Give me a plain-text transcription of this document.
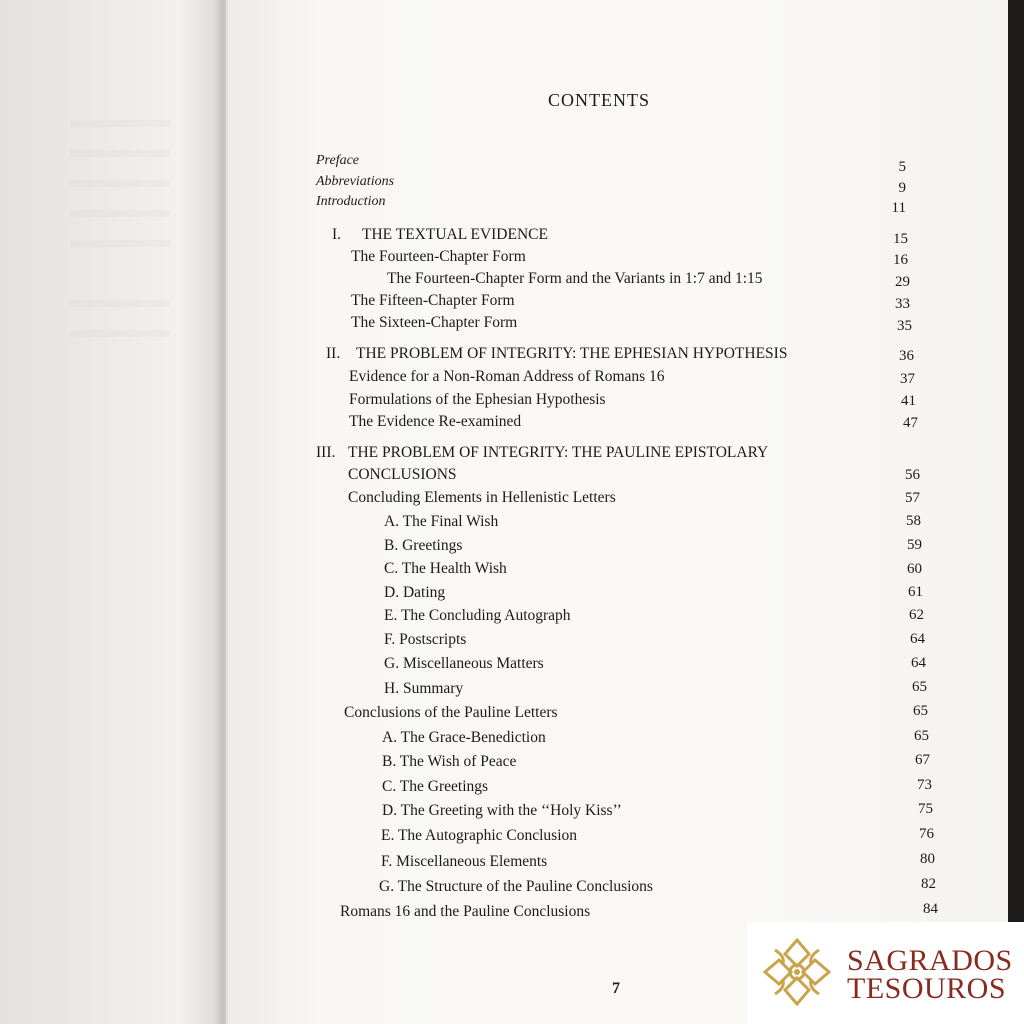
CONTENTS
Preface	5
Abbreviations	9
Introduction	11
I. THE TEXTUAL EVIDENCE	15
The Fourteen-Chapter Form	16
The Fourteen-Chapter Form and the Variants in 1:7 and 1:15	29
The Fifteen-Chapter Form	33
The Sixteen-Chapter Form	35
II. THE PROBLEM OF INTEGRITY: THE EPHESIAN HYPOTHESIS	36
Evidence for a Non-Roman Address of Romans 16	37
Formulations of the Ephesian Hypothesis	41
The Evidence Re-examined	47
III. THE PROBLEM OF INTEGRITY: THE PAULINE EPISTOLARY
CONCLUSIONS	56
Concluding Elements in Hellenistic Letters	57
A. The Final Wish	58
B. Greetings	59
C. The Health Wish	60
D. Dating	61
E. The Concluding Autograph	62
F. Postscripts	64
G. Miscellaneous Matters	64
H. Summary	65
Conclusions of the Pauline Letters	65
A. The Grace-Benediction	65
B. The Wish of Peace	67
C. The Greetings	73
D. The Greeting with the ‘‘Holy Kiss’’	75
E. The Autographic Conclusion	76
F. Miscellaneous Elements	80
G. The Structure of the Pauline Conclusions	82
Romans 16 and the Pauline Conclusions	84
7
SAGRADOS
TESOUROS
